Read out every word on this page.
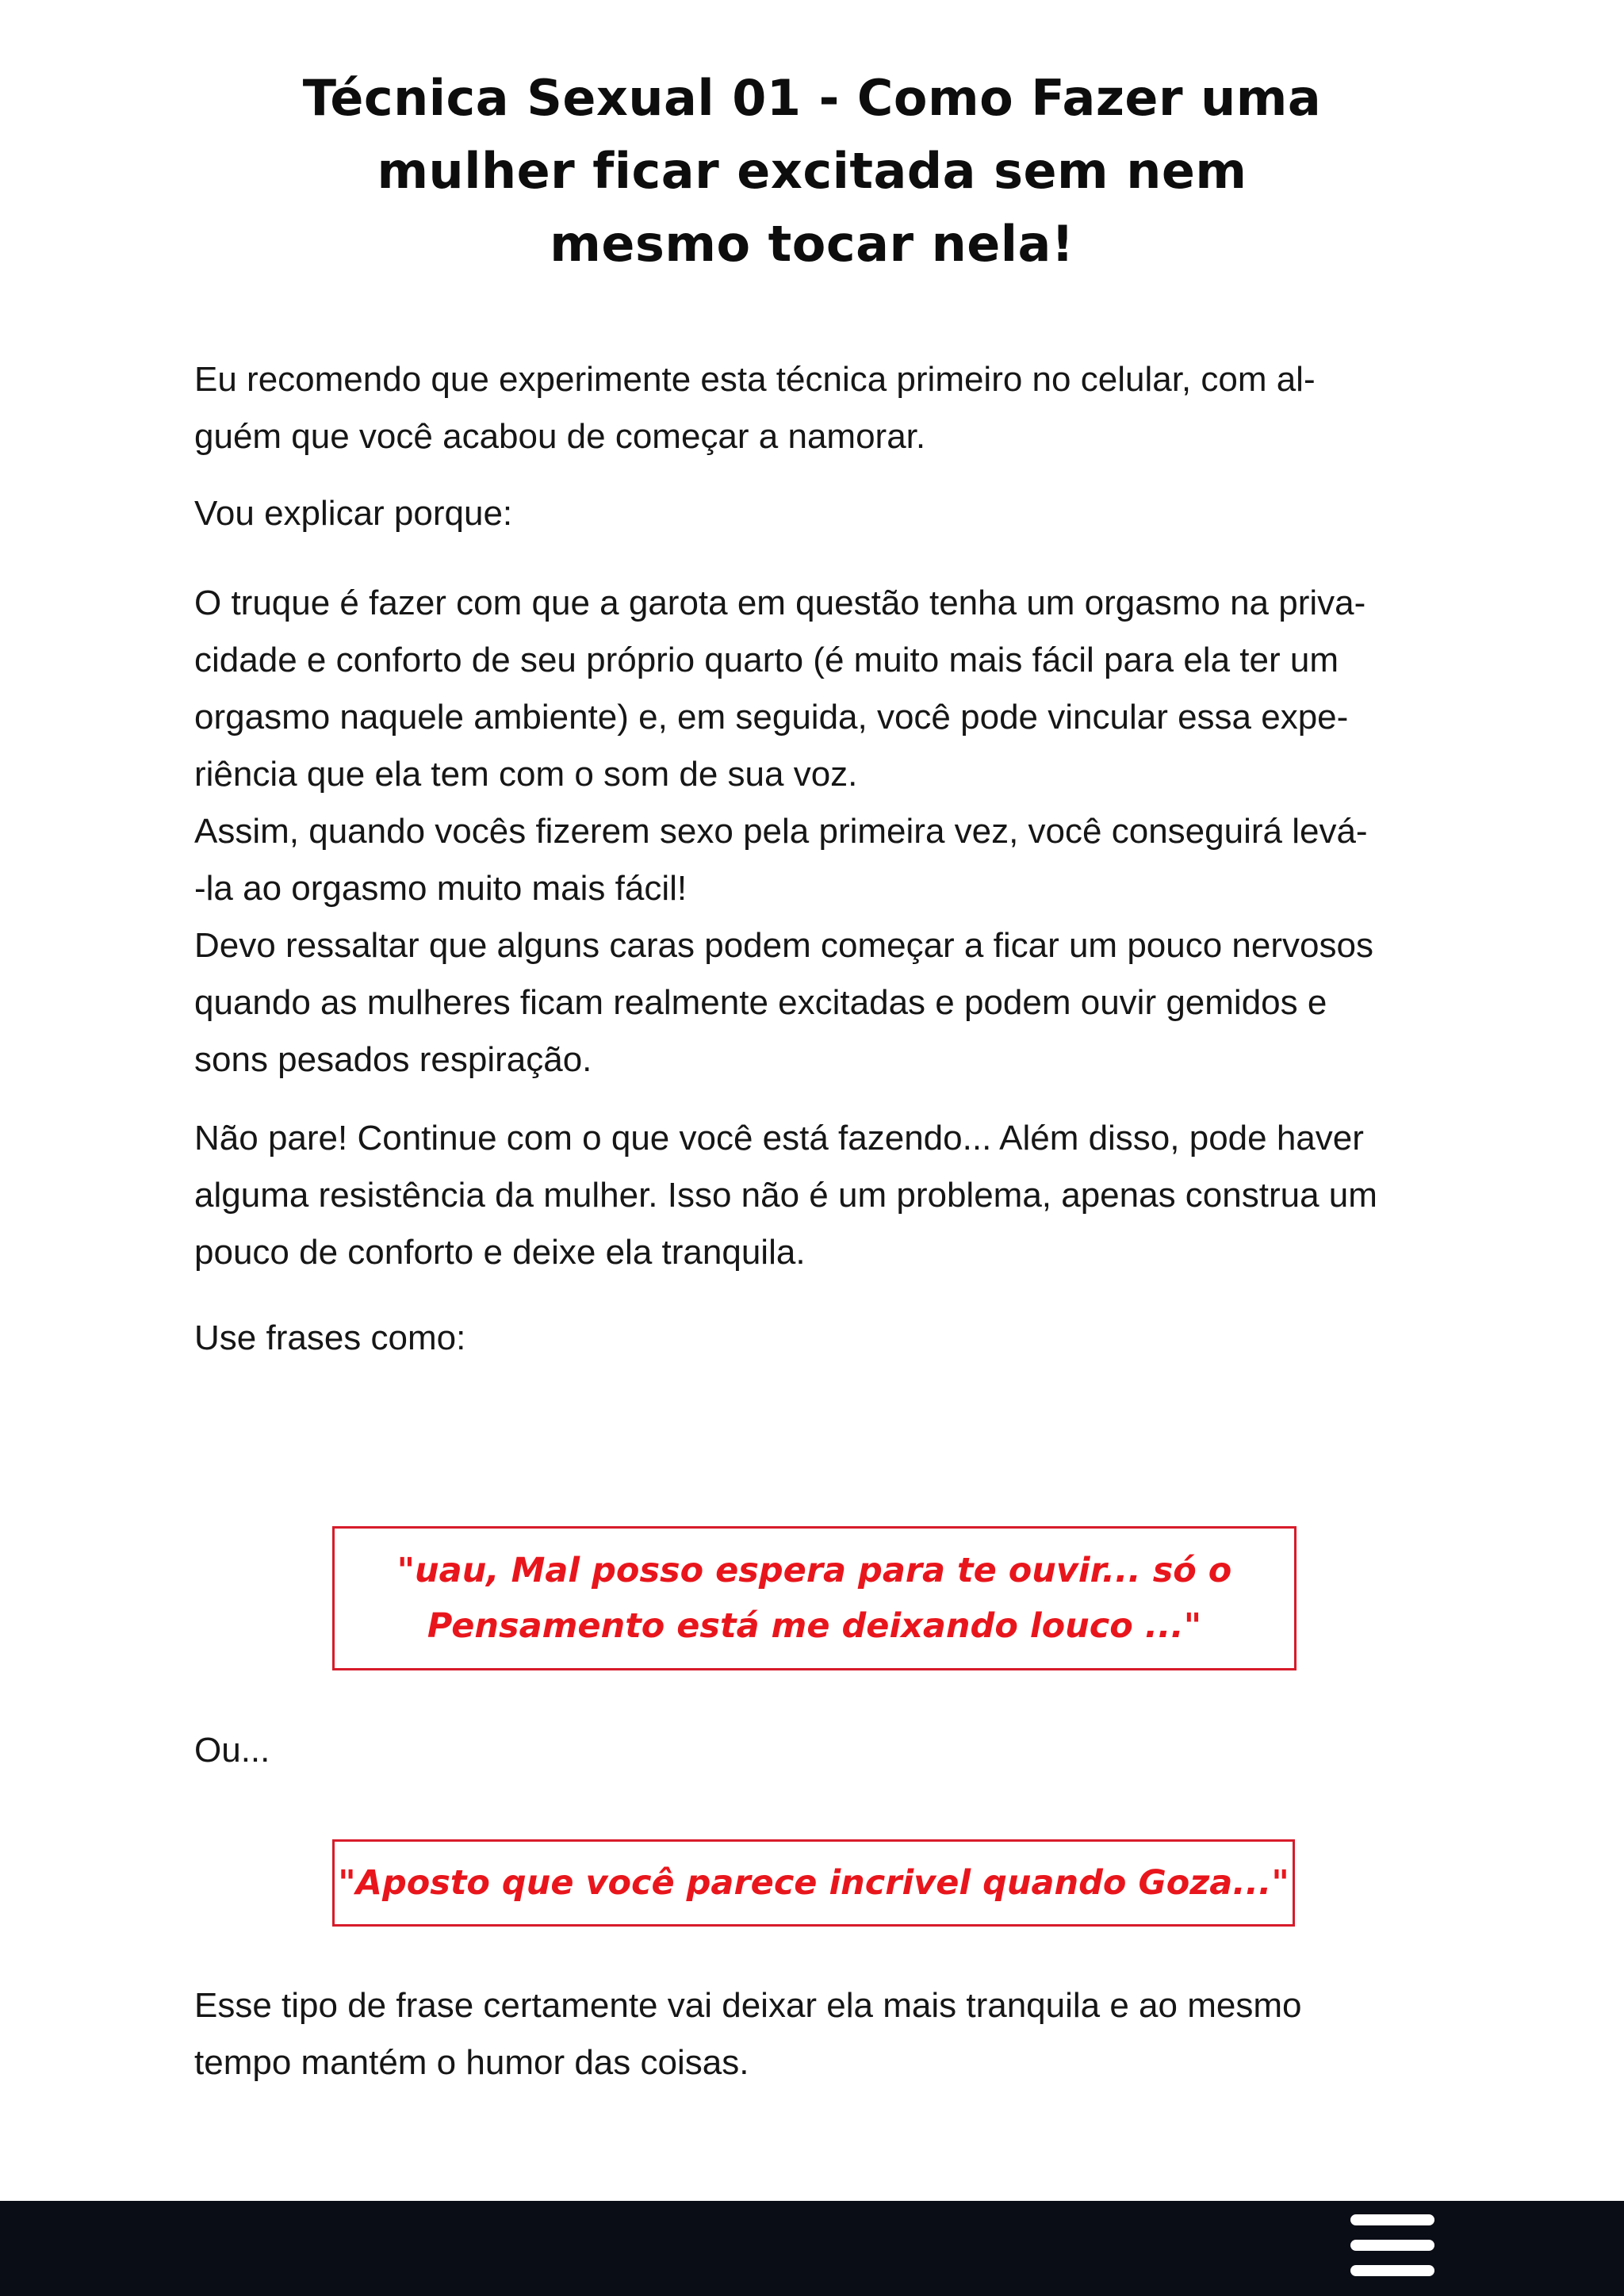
Técnica Sexual 01 - Como Fazer uma
mulher ficar excitada sem nem
mesmo tocar nela!

Eu recomendo que experimente esta técnica primeiro no celular, com al-
guém que você acabou de começar a namorar.

Vou explicar porque:

O truque é fazer com que a garota em questão tenha um orgasmo na priva-
cidade e conforto de seu próprio quarto (é muito mais fácil para ela ter um
orgasmo naquele ambiente) e, em seguida, você pode vincular essa expe-
riência que ela tem com o som de sua voz.
Assim, quando vocês fizerem sexo pela primeira vez, você conseguirá levá-
-la ao orgasmo muito mais fácil!
Devo ressaltar que alguns caras podem começar a ficar um pouco nervosos
quando as mulheres ficam realmente excitadas e podem ouvir gemidos e
sons pesados respiração.

Não pare! Continue com o que você está fazendo... Além disso, pode haver
alguma resistência da mulher. Isso não é um problema, apenas construa um
pouco de conforto e deixe ela tranquila.

Use frases como:

"uau, Mal posso espera para te ouvir... só o
Pensamento está me deixando louco ..."

Ou...

"Aposto que você parece incrivel quando Goza..."

Esse tipo de frase certamente vai deixar ela mais tranquila e ao mesmo
tempo mantém o humor das coisas.
